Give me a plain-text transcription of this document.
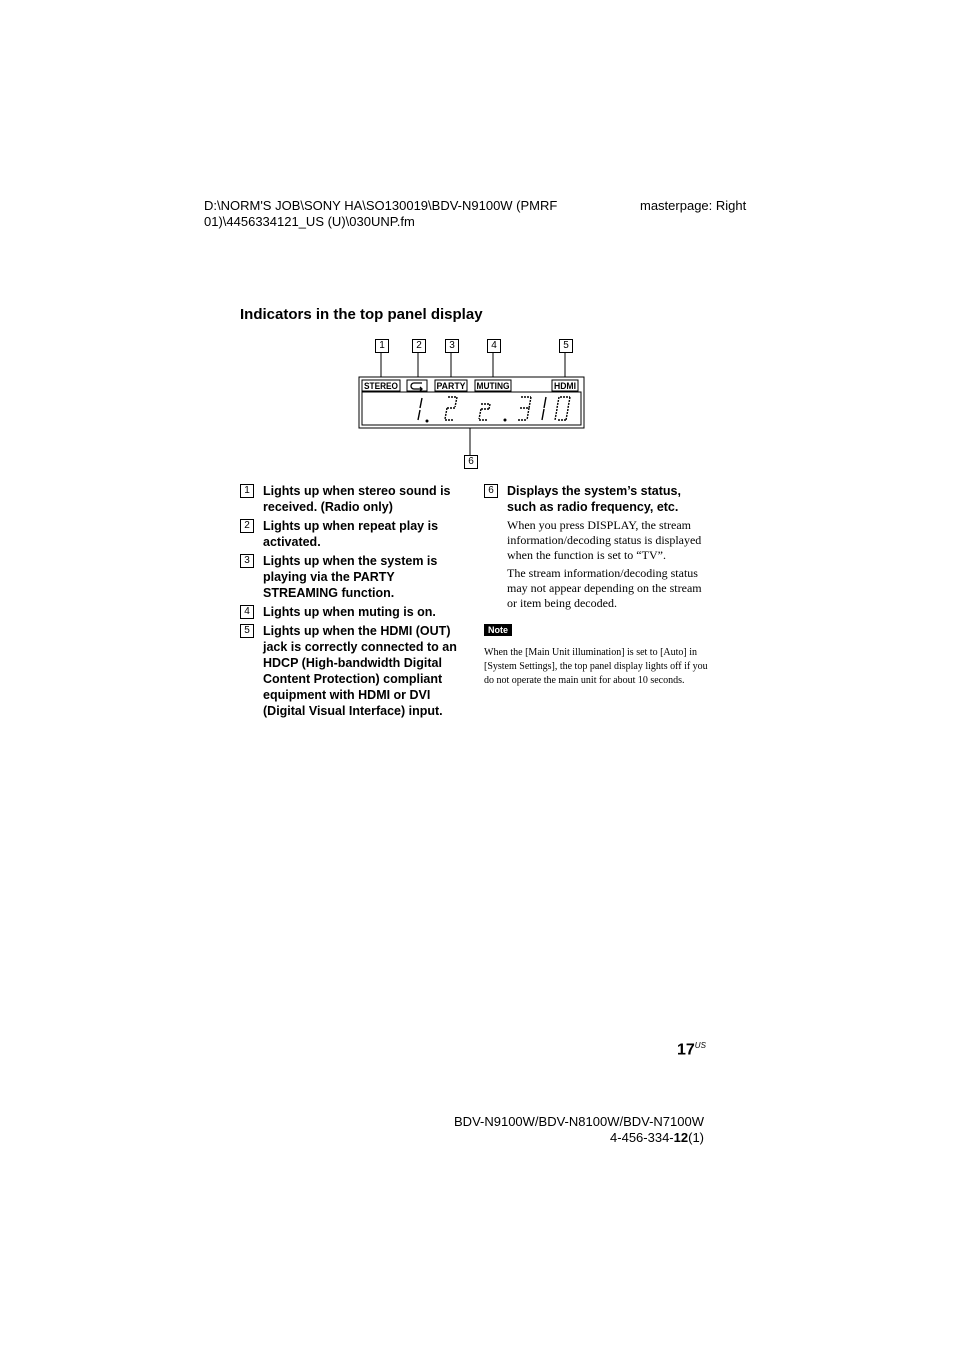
D:\NORM'S JOB\SONY HA\SO130019\BDV-N9100W (PMRF 01)\4456334121_US (U)\030UNP.fm
masterpage: Right
Indicators in the top panel display
1	2	3	4	5
6
STEREO	PARTY MUTING	HDMI
1	Lights up when stereo sound is received. (Radio only)
2	Lights up when repeat play is activated.
3	Lights up when the system is playing via the PARTY STREAMING function.
4	Lights up when muting is on.
5	Lights up when the HDMI (OUT) jack is correctly connected to an HDCP (High-bandwidth Digital Content Protection) compliant equipment with HDMI or DVI (Digital Visual Interface) input.
6	Displays the system’s status, such as radio frequency, etc.

When you press DISPLAY, the stream information/decoding status is displayed when the function is set to “TV”.

The stream information/decoding status may not appear depending on the stream or item being decoded.

Note
When the [Main Unit illumination] is set to [Auto] in [System Settings], the top panel display lights off if you do not operate the main unit for about 10 seconds.
$17^{US}$
BDV-N9100W/BDV-N8100W/BDV-N7100W
4-456-334-12(1)
